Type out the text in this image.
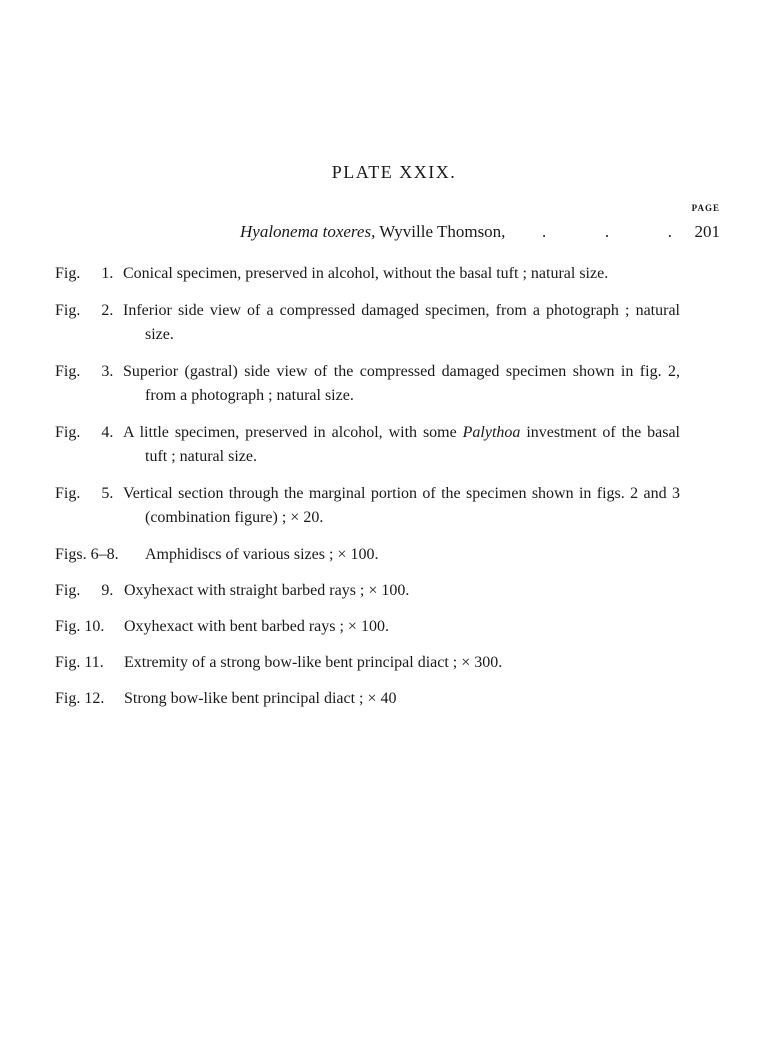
PLATE XXIX.
PAGE
Hyalonema toxeres, Wyville Thomson, .	.	. 201
Fig. 1. Conical specimen, preserved in alcohol, without the basal tuft ; natural size.
Fig. 2. Inferior side view of a compressed damaged specimen, from a photograph ; natural size.
Fig. 3. Superior (gastral) side view of the compressed damaged specimen shown in fig. 2, from a photograph ; natural size.
Fig. 4. A little specimen, preserved in alcohol, with some Palythoa investment of the basal tuft ; natural size.
Fig. 5. Vertical section through the marginal portion of the specimen shown in figs. 2 and 3 (combination figure) ; × 20.
Figs. 6–8.	Amphidiscs of various sizes ; × 100.
Fig. 9. Oxyhexact with straight barbed rays ; × 100.
Fig. 10.	Oxyhexact with bent barbed rays ; × 100.
Fig. 11.	Extremity of a strong bow-like bent principal diact ; × 300.
Fig. 12.	Strong bow-like bent principal diact ; × 40
